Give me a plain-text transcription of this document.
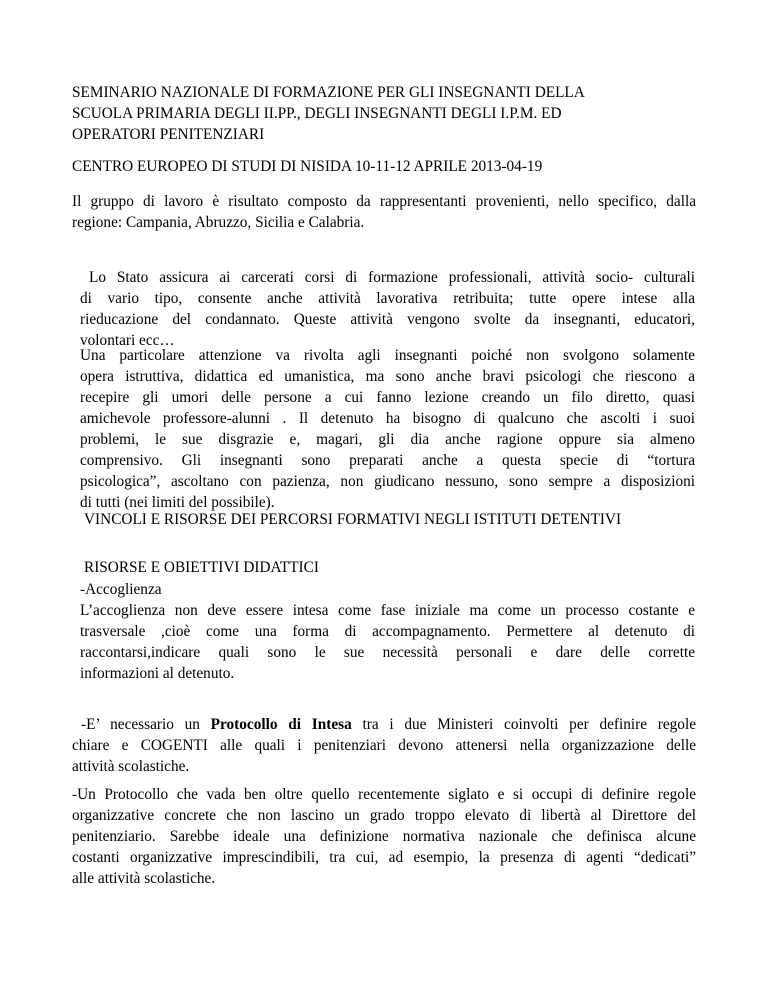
SEMINARIO NAZIONALE DI FORMAZIONE PER GLI INSEGNANTI DELLA
SCUOLA PRIMARIA DEGLI II.PP., DEGLI INSEGNANTI DEGLI I.P.M. ED
OPERATORI PENITENZIARI
CENTRO EUROPEO DI STUDI DI NISIDA 10-11-12 APRILE 2013-04-19
Il gruppo di lavoro è risultato composto da rappresentanti provenienti, nello specifico, dalla
regione: Campania, Abruzzo, Sicilia e Calabria.
Lo Stato assicura ai carcerati corsi di formazione professionali, attività socio- culturali
di vario tipo, consente anche attività lavorativa retribuita; tutte opere intese alla
rieducazione del condannato. Queste attività vengono svolte da insegnanti, educatori,
volontari ecc…
Una particolare attenzione va rivolta agli insegnanti poiché non svolgono solamente
opera istruttiva, didattica ed umanistica, ma sono anche bravi psicologi che riescono a
recepire gli umori delle persone a cui fanno lezione creando un filo diretto, quasi
amichevole professore-alunni . Il detenuto ha bisogno di qualcuno che ascolti i suoi
problemi, le sue disgrazie e, magari, gli dia anche ragione oppure sia almeno
comprensivo. Gli insegnanti sono preparati anche a questa specie di “tortura
psicologica”, ascoltano con pazienza, non giudicano nessuno, sono sempre a disposizioni
di tutti (nei limiti del possibile).
VINCOLI E RISORSE DEI PERCORSI FORMATIVI NEGLI ISTITUTI DETENTIVI
RISORSE E OBIETTIVI DIDATTICI
-Accoglienza
L’accoglienza non deve essere intesa come fase iniziale ma come un processo costante e
trasversale ,cioè come una forma di accompagnamento. Permettere al detenuto di
raccontarsi,indicare quali sono le sue necessità personali e dare delle corrette
informazioni al detenuto.
-E’ necessario un Protocollo di Intesa tra i due Ministeri coinvolti per definire regole
chiare e COGENTI alle quali i penitenziari devono attenersi nella organizzazione delle
attività scolastiche.
-Un Protocollo che vada ben oltre quello recentemente siglato e si occupi di definire regole
organizzative concrete che non lascino un grado troppo elevato di libertà al Direttore del
penitenziario. Sarebbe ideale una definizione normativa nazionale che definisca alcune
costanti organizzative imprescindibili, tra cui, ad esempio, la presenza di agenti “dedicati”
alle attività scolastiche.
